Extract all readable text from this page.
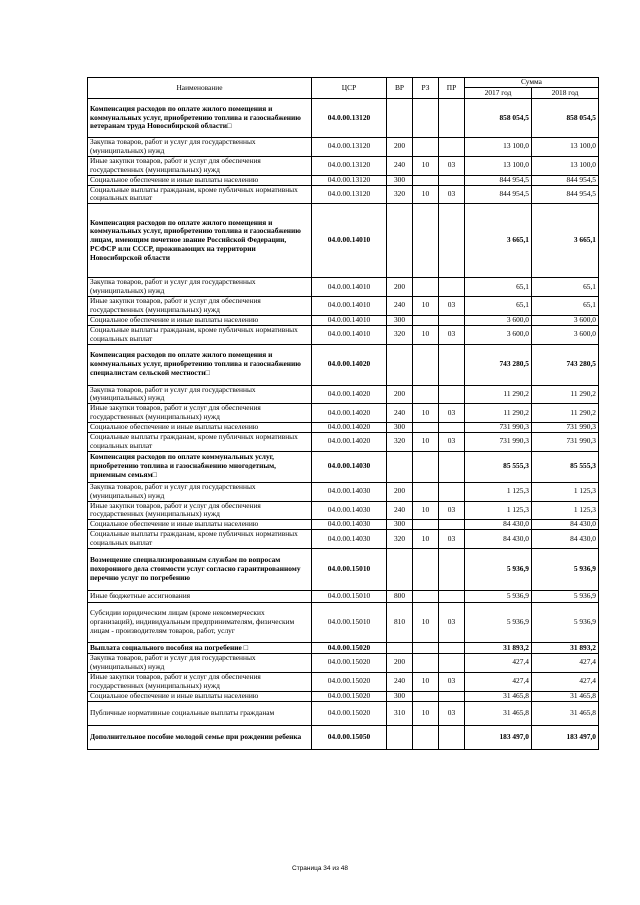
Наименование	ЦСР	ВР	РЗ	ПР	Сумма	
					2017 год	2018 год
Компенсация расходов по оплате жилого помещения и коммунальных услуг, приобретению топлива и газоснабжению ветеранам труда Новосибирской области□	04.0.00.13120				858 054,5	858 054,5
Закупка товаров, работ и услуг для государственных (муниципальных) нужд	04.0.00.13120	200			13 100,0	13 100,0
Иные закупки товаров, работ и услуг для обеспечения государственных (муниципальных) нужд	04.0.00.13120	240	10	03	13 100,0	13 100,0
Социальное обеспечение и иные выплаты населению	04.0.00.13120	300			844 954,5	844 954,5
Социальные выплаты гражданам, кроме публичных нормативных социальных выплат	04.0.00.13120	320	10	03	844 954,5	844 954,5
Компенсация расходов по оплате жилого помещения и коммунальных услуг, приобретению топлива и газоснабжению лицам, имеющим почетное звание Российской Федерации, РСФСР или СССР, проживающих на территории Новосибирской области	04.0.00.14010				3 665,1	3 665,1
Закупка товаров, работ и услуг для государственных (муниципальных) нужд	04.0.00.14010	200			65,1	65,1
Иные закупки товаров, работ и услуг для обеспечения государственных (муниципальных) нужд	04.0.00.14010	240	10	03	65,1	65,1
Социальное обеспечение и иные выплаты населению	04.0.00.14010	300			3 600,0	3 600,0
Социальные выплаты гражданам, кроме публичных нормативных социальных выплат	04.0.00.14010	320	10	03	3 600,0	3 600,0
Компенсация расходов по оплате жилого помещения и коммунальных услуг, приобретению топлива и газоснабжению специалистам сельской местности□	04.0.00.14020				743 280,5	743 280,5
Закупка товаров, работ и услуг для государственных (муниципальных) нужд	04.0.00.14020	200			11 290,2	11 290,2
Иные закупки товаров, работ и услуг для обеспечения государственных (муниципальных) нужд	04.0.00.14020	240	10	03	11 290,2	11 290,2
Социальное обеспечение и иные выплаты населению	04.0.00.14020	300			731 990,3	731 990,3
Социальные выплаты гражданам, кроме публичных нормативных социальных выплат	04.0.00.14020	320	10	03	731 990,3	731 990,3
Компенсация расходов по оплате коммунальных услуг, приобретению топлива и газоснабжению многодетным, приемным семьям□	04.0.00.14030				85 555,3	85 555,3
Закупка товаров, работ и услуг для государственных (муниципальных) нужд	04.0.00.14030	200			1 125,3	1 125,3
Иные закупки товаров, работ и услуг для обеспечения государственных (муниципальных) нужд	04.0.00.14030	240	10	03	1 125,3	1 125,3
Социальное обеспечение и иные выплаты населению	04.0.00.14030	300			84 430,0	84 430,0
Социальные выплаты гражданам, кроме публичных нормативных социальных выплат	04.0.00.14030	320	10	03	84 430,0	84 430,0
Возмещение специализированным службам по вопросам похоронного дела стоимости услуг согласно гарантированному перечню услуг по погребению	04.0.00.15010				5 936,9	5 936,9
Иные бюджетные ассигнования	04.0.00.15010	800			5 936,9	5 936,9
Субсидии юридическим лицам (кроме некоммерческих организаций), индивидуальным предпринимателям, физическим лицам - производителям товаров, работ, услуг	04.0.00.15010	810	10	03	5 936,9	5 936,9
Выплата социального пособия на погребение □	04.0.00.15020				31 893,2	31 893,2
Закупка товаров, работ и услуг для государственных (муниципальных) нужд	04.0.00.15020	200			427,4	427,4
Иные закупки товаров, работ и услуг для обеспечения государственных (муниципальных) нужд	04.0.00.15020	240	10	03	427,4	427,4
Социальное обеспечение и иные выплаты населению	04.0.00.15020	300			31 465,8	31 465,8
Публичные нормативные социальные выплаты гражданам	04.0.00.15020	310	10	03	31 465,8	31 465,8
Дополнительное пособие молодой семье при рождении ребенка	04.0.00.15050				183 497,0	183 497,0
Страница 34 из 48
